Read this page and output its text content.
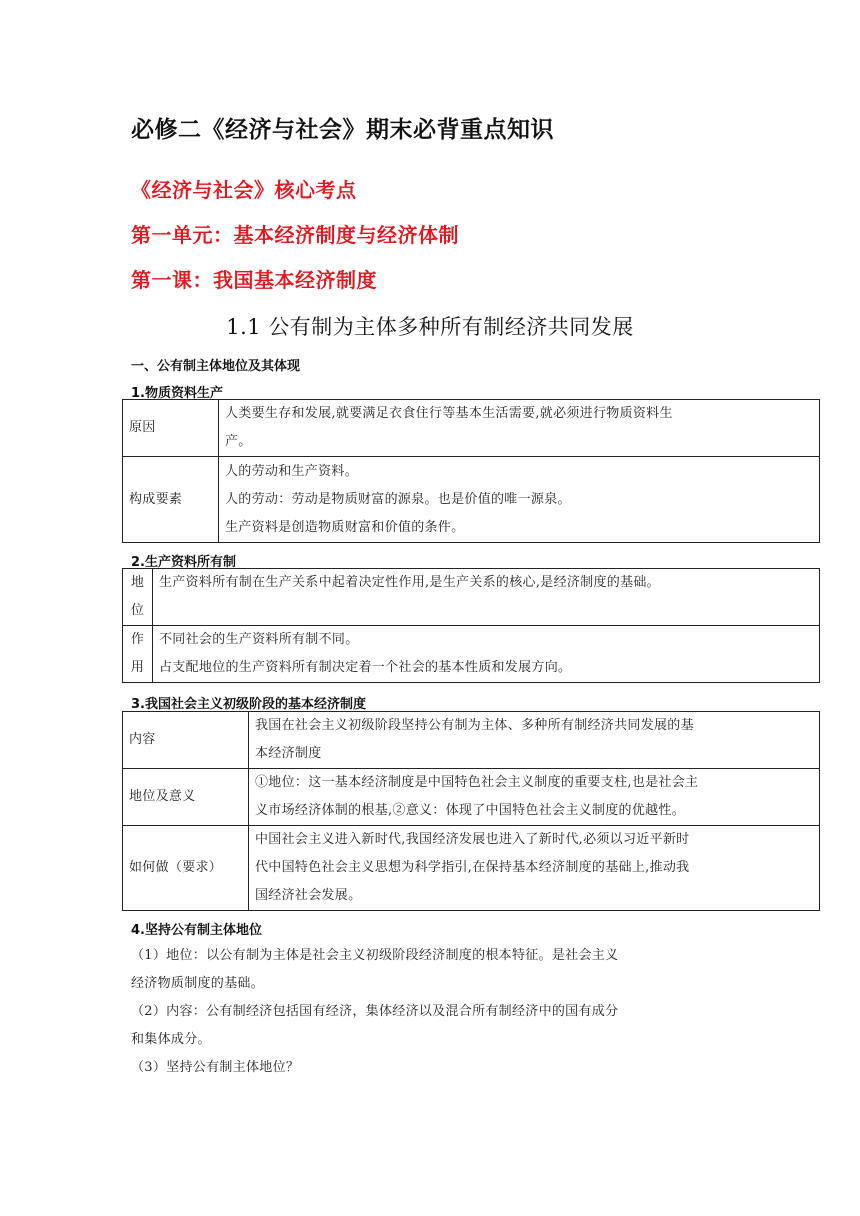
必修二《经济与社会》期末必背重点知识
《经济与社会》核心考点
第一单元：基本经济制度与经济体制
第一课：我国基本经济制度
1.1 公有制为主体多种所有制经济共同发展
一、公有制主体地位及其体现
1.物质资料生产
原因	人类要生存和发展,就要满足衣食住行等基本生活需要,就必须进行物质资料生
产。

构成要素	人的劳动和生产资料。
人的劳动：劳动是物质财富的源泉。也是价值的唯一源泉。
生产资料是创造物质财富和价值的条件。
2.生产资料所有制
地
位	生产资料所有制在生产关系中起着决定性作用,是生产关系的核心,是经济制度的基础。

作
用	不同社会的生产资料所有制不同。
占支配地位的生产资料所有制决定着一个社会的基本性质和发展方向。
3.我国社会主义初级阶段的基本经济制度
内容	我国在社会主义初级阶段坚持公有制为主体、多种所有制经济共同发展的基
本经济制度

地位及意义	①地位：这一基本经济制度是中国特色社会主义制度的重要支柱,也是社会主
义市场经济体制的根基,②意义：体现了中国特色社会主义制度的优越性。

如何做（要求）	中国社会主义进入新时代,我国经济发展也进入了新时代,必须以习近平新时
代中国特色社会主义思想为科学指引,在保持基本经济制度的基础上,推动我
国经济社会发展。
4.坚持公有制主体地位
（1）地位：以公有制为主体是社会主义初级阶段经济制度的根本特征。是社会主义
经济物质制度的基础。
（2）内容：公有制经济包括国有经济，集体经济以及混合所有制经济中的国有成分
和集体成分。
（3）坚持公有制主体地位？
